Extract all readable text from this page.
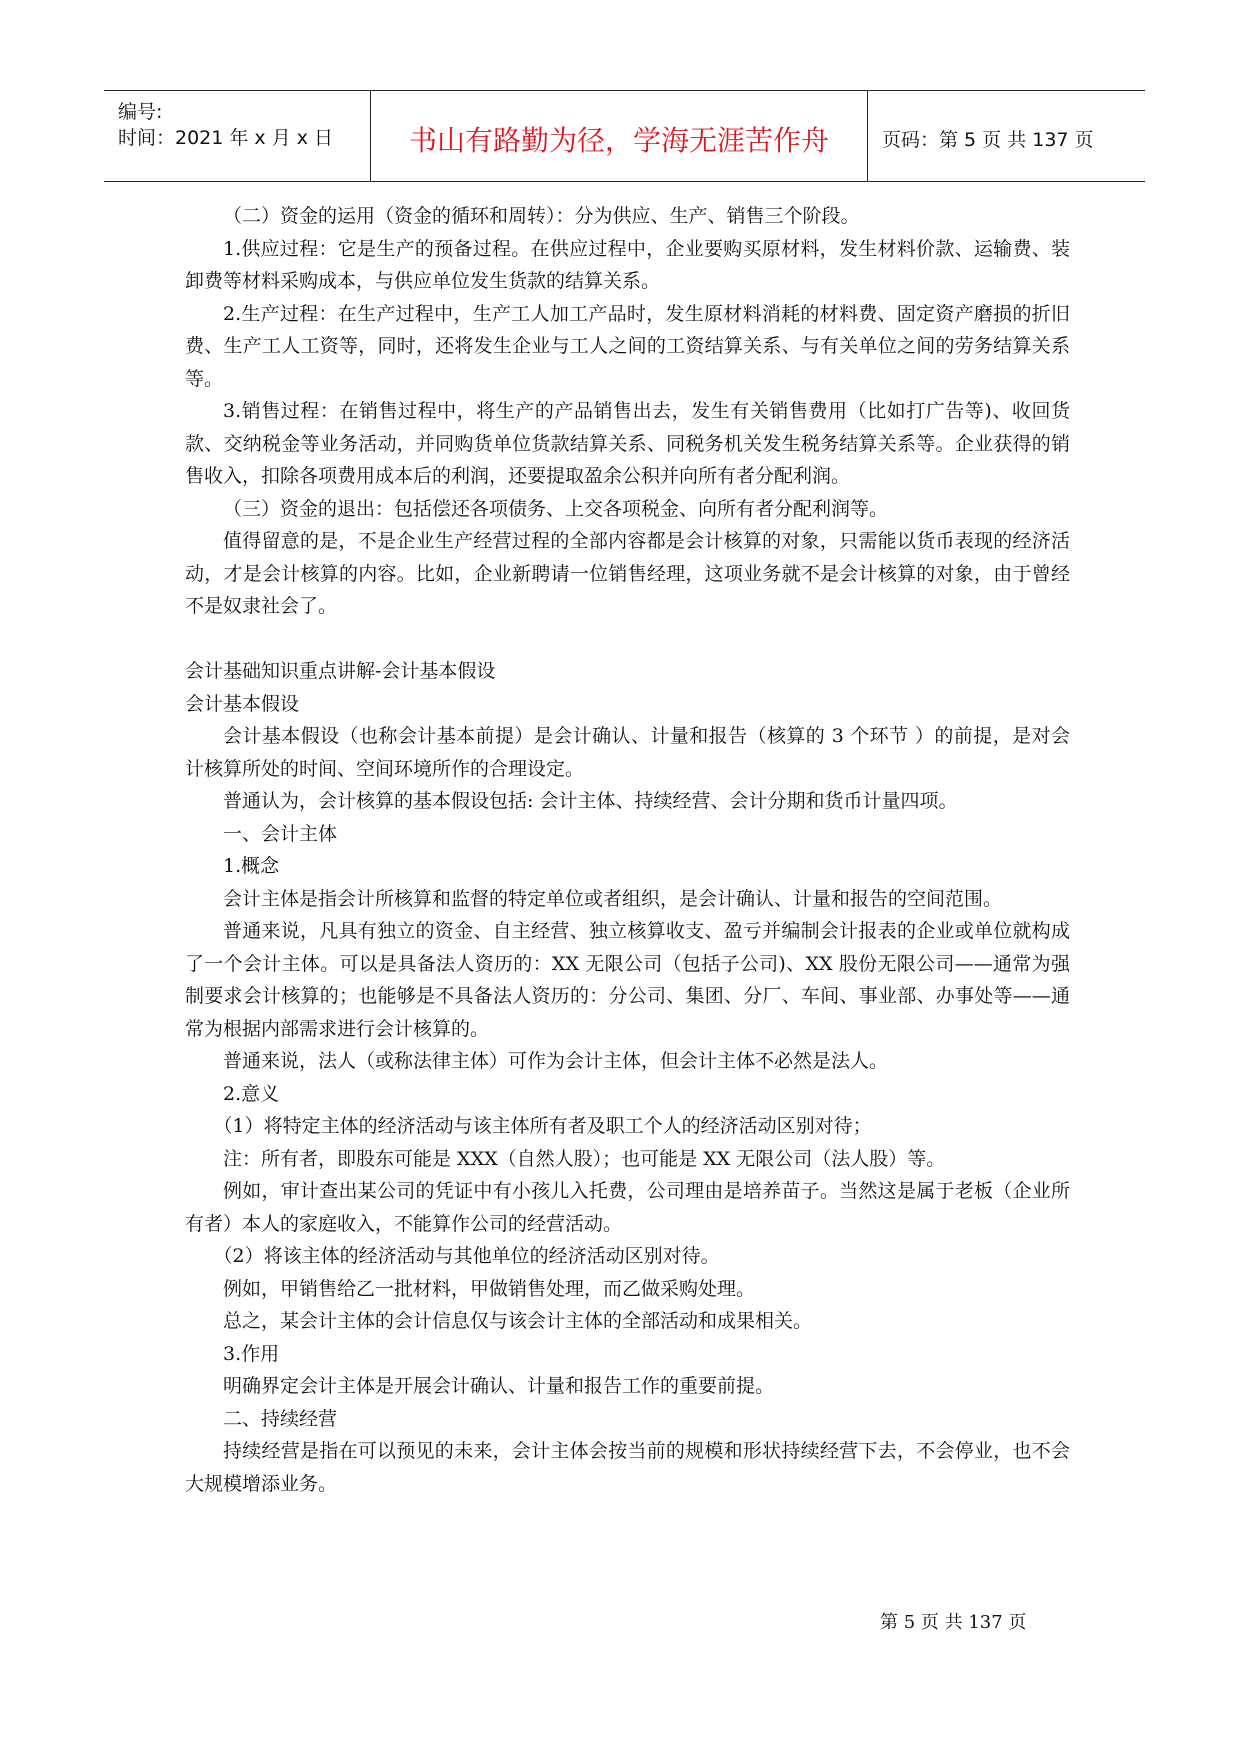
编号:
时间：2021 年 x 月 x 日	书山有路勤为径，学海无涯苦作舟	页码：第 5 页 共 137 页

（二）资金的运用（资金的循环和周转）：分为供应、生产、销售三个阶段。

1.供应过程：它是生产的预备过程。在供应过程中，企业要购买原材料，发生材料价款、运输费、装卸费等材料采购成本，与供应单位发生货款的结算关系。

2.生产过程：在生产过程中，生产工人加工产品时，发生原材料消耗的材料费、固定资产磨损的折旧费、生产工人工资等，同时，还将发生企业与工人之间的工资结算关系、与有关单位之间的劳务结算关系等。

3.销售过程：在销售过程中，将生产的产品销售出去，发生有关销售费用（比如打广告等)、收回货款、交纳税金等业务活动，并同购货单位货款结算关系、同税务机关发生税务结算关系等。企业获得的销售收入，扣除各项费用成本后的利润，还要提取盈余公积并向所有者分配利润。

（三）资金的退出：包括偿还各项债务、上交各项税金、向所有者分配利润等。

值得留意的是，不是企业生产经营过程的全部内容都是会计核算的对象，只需能以货币表现的经济活动，才是会计核算的内容。比如，企业新聘请一位销售经理，这项业务就不是会计核算的对象，由于曾经不是奴隶社会了。

会计基础知识重点讲解-会计基本假设

会计基本假设

会计基本假设（也称会计基本前提）是会计确认、计量和报告（核算的 3 个环节 ）的前提，是对会计核算所处的时间、空间环境所作的合理设定。

普通认为，会计核算的基本假设包括: 会计主体、持续经营、会计分期和货币计量四项。

一、会计主体

1.概念

会计主体是指会计所核算和监督的特定单位或者组织，是会计确认、计量和报告的空间范围。

普通来说，凡具有独立的资金、自主经营、独立核算收支、盈亏并编制会计报表的企业或单位就构成了一个会计主体。可以是具备法人资历的：XX 无限公司（包括子公司)、XX 股份无限公司——通常为强制要求会计核算的；也能够是不具备法人资历的：分公司、集团、分厂、车间、事业部、办事处等——通常为根据内部需求进行会计核算的。

普通来说，法人（或称法律主体）可作为会计主体，但会计主体不必然是法人。

2.意义

（1）将特定主体的经济活动与该主体所有者及职工个人的经济活动区别对待；

注：所有者，即股东可能是 XXX（自然人股）；也可能是 XX 无限公司（法人股）等。

例如，审计查出某公司的凭证中有小孩儿入托费，公司理由是培养苗子。当然这是属于老板（企业所有者）本人的家庭收入，不能算作公司的经营活动。

（2）将该主体的经济活动与其他单位的经济活动区别对待。

例如，甲销售给乙一批材料，甲做销售处理，而乙做采购处理。

总之，某会计主体的会计信息仅与该会计主体的全部活动和成果相关。

3.作用

明确界定会计主体是开展会计确认、计量和报告工作的重要前提。

二、持续经营

持续经营是指在可以预见的未来，会计主体会按当前的规模和形状持续经营下去，不会停业，也不会大规模增添业务。

第 5 页 共 137 页
